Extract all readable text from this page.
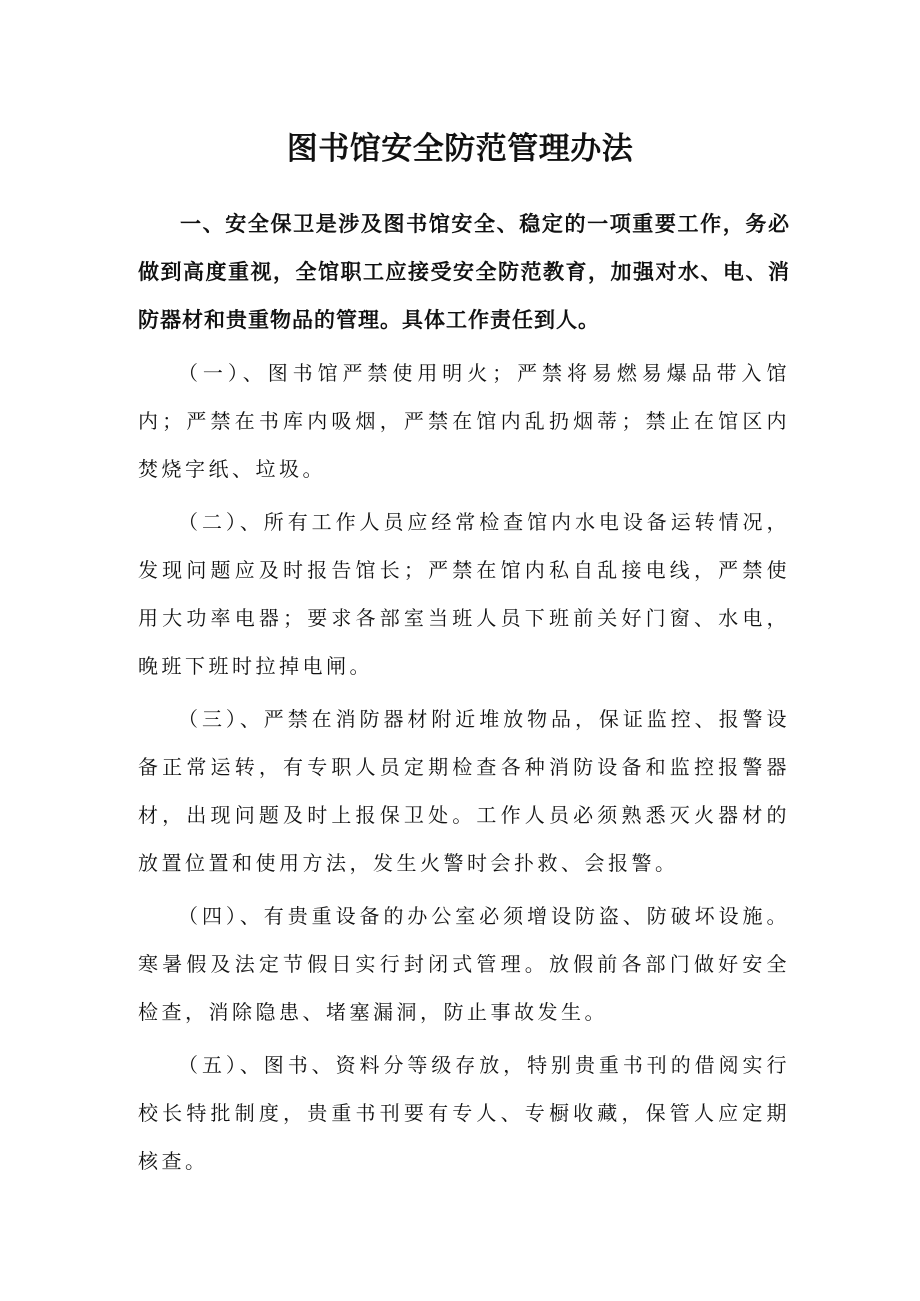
图书馆安全防范管理办法

一、安全保卫是涉及图书馆安全、稳定的一项重要工作，务必做到高度重视，全馆职工应接受安全防范教育，加强对水、电、消防器材和贵重物品的管理。具体工作责任到人。

（一）、图书馆严禁使用明火；严禁将易燃易爆品带入馆内；严禁在书库内吸烟，严禁在馆内乱扔烟蒂；禁止在馆区内焚烧字纸、垃圾。

（二）、所有工作人员应经常检查馆内水电设备运转情况，发现问题应及时报告馆长；严禁在馆内私自乱接电线，严禁使用大功率电器；要求各部室当班人员下班前关好门窗、水电，晚班下班时拉掉电闸。

（三）、严禁在消防器材附近堆放物品，保证监控、报警设备正常运转，有专职人员定期检查各种消防设备和监控报警器材，出现问题及时上报保卫处。工作人员必须熟悉灭火器材的放置位置和使用方法，发生火警时会扑救、会报警。

（四）、有贵重设备的办公室必须增设防盗、防破坏设施。寒暑假及法定节假日实行封闭式管理。放假前各部门做好安全检查，消除隐患、堵塞漏洞，防止事故发生。

（五）、图书、资料分等级存放，特别贵重书刊的借阅实行校长特批制度，贵重书刊要有专人、专橱收藏，保管人应定期核查。
